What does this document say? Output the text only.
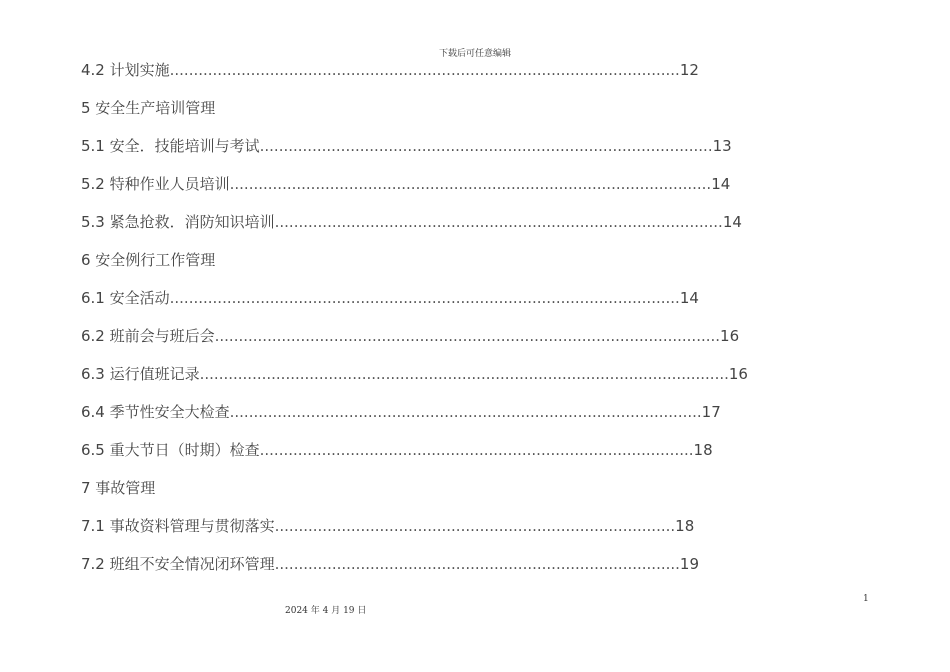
下载后可任意编辑
4.2 计划实施...........................................................................................................12
5 安全生产培训管理
5.1 安全．技能培训与考试...............................................................................................13
5.2 特种作业人员培训.....................................................................................................14
5.3 紧急抢救．消防知识培训..............................................................................................14
6 安全例行工作管理
6.1 安全活动...........................................................................................................14
6.2 班前会与班后会..........................................................................................................16
6.3 运行值班记录...............................................................................................................16
6.4 季节性安全大检查...................................................................................................17
6.5 重大节日（时期）检查...........................................................................................18
7 事故管理
7.1 事故资料管理与贯彻落实....................................................................................18
7.2 班组不安全情况闭环管理.....................................................................................19
2024 年 4 月 19 日
1
